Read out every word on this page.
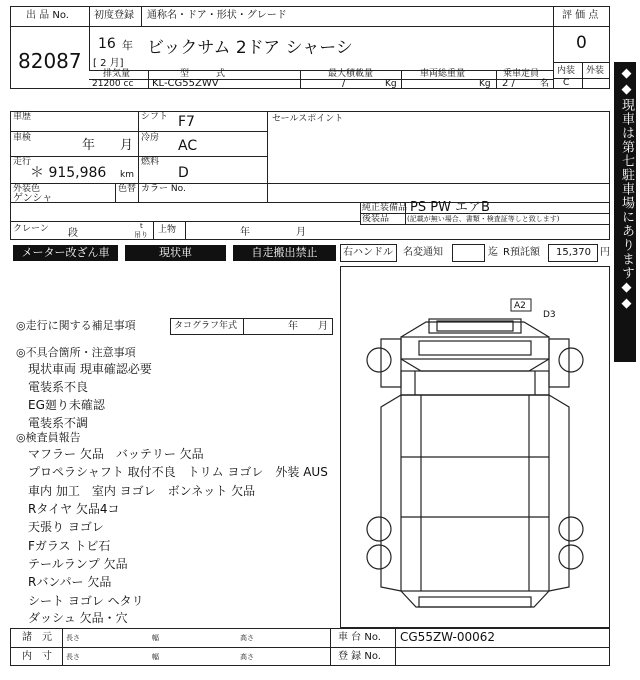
出 品 No.
82087
初度登録
16 年
[ 2 月]
通称名・ドア・形状・グレード
ビックサム 2ドア シャーシ
評 価 点
0
内装 外装
C
排気量	型　　　式	最大積載量	車両総重量	乗車定員
21200 cc KL-CG55ZWV	/	Kg	Kg 2 /	名
車歴	シフト F7	セールスポイント
車検	年 月 冷房 AC
走行
＊ 915,986 km
燃料
D
外装色
ゲンシャ
色替 カラー No.
純正装備品 PS PW エアB
後装品	(記載が無い場合、書類・検査証等しと致します)
クレーン 段
t
吊り 上物	年	月
メーター改ざん車	現状車	自走搬出禁止	右ハンドル 名変通知	迄 R預託額 15,370 円
◎走行に関する補足事項	タコグラフ年式	年 月
◎不具合箇所・注意事項
現状車両 現車確認必要
電装系不良
EG廻り未確認
電装系不調
◎検査員報告
マフラー 欠品　バッテリー 欠品
プロペラシャフト 取付不良　トリム ヨゴレ　外装 AUS
車内 加工　室内 ヨゴレ　ボンネット 欠品
Rタイヤ 欠品4コ
天張り ヨゴレ
Fガラス トビ石
テールランプ 欠品
Rバンパー 欠品
シート ヨゴレ ヘタリ
ダッシュ 欠品・穴
A2
D3
諸　元
内　寸
長さ	幅	高さ
長さ	幅	高さ
車 台 No. CG55ZW-00062
登 録 No.
◆◆現車は第七駐車場にあります◆◆
